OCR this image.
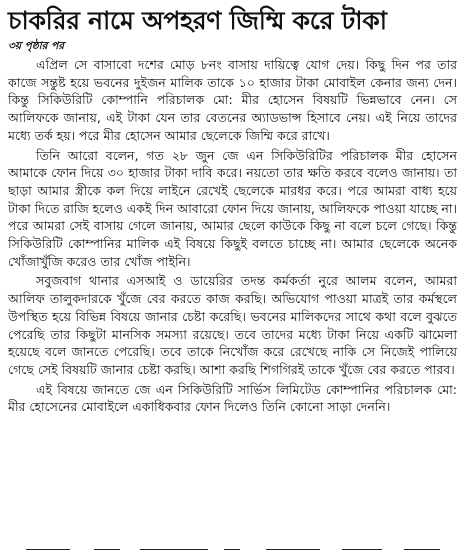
চাকরির নামে অপহরণ জিম্মি করে টাকা
৩য় পৃষ্ঠার পর

এপ্রিল সে বাসাবো দশের মোড় ৮নং বাসায় দায়িত্বে যোগ দেয়। কিছু দিন পর তার কাজে সন্তুষ্ট হয়ে ভবনের দুইজন মালিক তাকে ১০ হাজার টাকা মোবাইল কেনার জন্য দেন। কিন্তু সিকিউরিটি কোম্পানি পরিচালক মো: মীর হোসেন বিষয়টি ভিন্নভাবে নেন। সে আলিফকে জানায়, এই টাকা যেন তার বেতনের অ্যাডভান্স হিসাবে নেয়। এই নিয়ে তাদের মধ্যে তর্ক হয়। পরে মীর হোসেন আমার ছেলেকে জিম্মি করে রাখে।

তিনি আরো বলেন, গত ২৮ জুন জে এন সিকিউরিটির পরিচালক মীর হোসেন আমাকে ফোন দিয়ে ৩০ হাজার টাকা দাবি করে। নয়তো তার ক্ষতি করবে বলেও জানায়। তা ছাড়া আমার স্ত্রীকে কল দিয়ে লাইনে রেখেই ছেলেকে মারধর করে। পরে আমরা বাধ্য হয়ে টাকা দিতে রাজি হলেও একই দিন আবারো ফোন দিয়ে জানায়, আলিফকে পাওয়া যাচ্ছে না। পরে আমরা সেই বাসায় গেলে জানায়, আমার ছেলে কাউকে কিছু না বলে চলে গেছে। কিন্তু সিকিউরিটি কোম্পানির মালিক এই বিষয়ে কিছুই বলতে চাচ্ছে না। আমার ছেলেকে অনেক খোঁজাখুঁজি করেও তার খোঁজ পাইনি।

সবুজবাগ থানার এসআই ও ডায়েরির তদন্ত কর্মকর্তা নুরে আলম বলেন, আমরা আলিফ তালুকদারকে খুঁজে বের করতে কাজ করছি। অভিযোগ পাওয়া মাত্রই তার কর্মস্থলে উপস্থিত হয়ে বিভিন্ন বিষয়ে জানার চেষ্টা করেছি। ভবনের মালিকদের সাথে কথা বলে বুঝতে পেরেছি তার কিছুটা মানসিক সমস্যা রয়েছে। তবে তাদের মধ্যে টাকা নিয়ে একটি ঝামেলা হয়েছে বলে জানতে পেরেছি। তবে তাকে নিখোঁজ করে রেখেছে নাকি সে নিজেই পালিয়ে গেছে সেই বিষয়টি জানার চেষ্টা করছি। আশা করছি শিগগিরই তাকে খুঁজে বের করতে পারব।

এই বিষয়ে জানতে জে এন সিকিউরিটি সার্ভিস লিমিটেড কোম্পানির পরিচালক মো: মীর হোসেনের মোবাইলে একাধিকবার ফোন দিলেও তিনি কোনো সাড়া দেননি।
